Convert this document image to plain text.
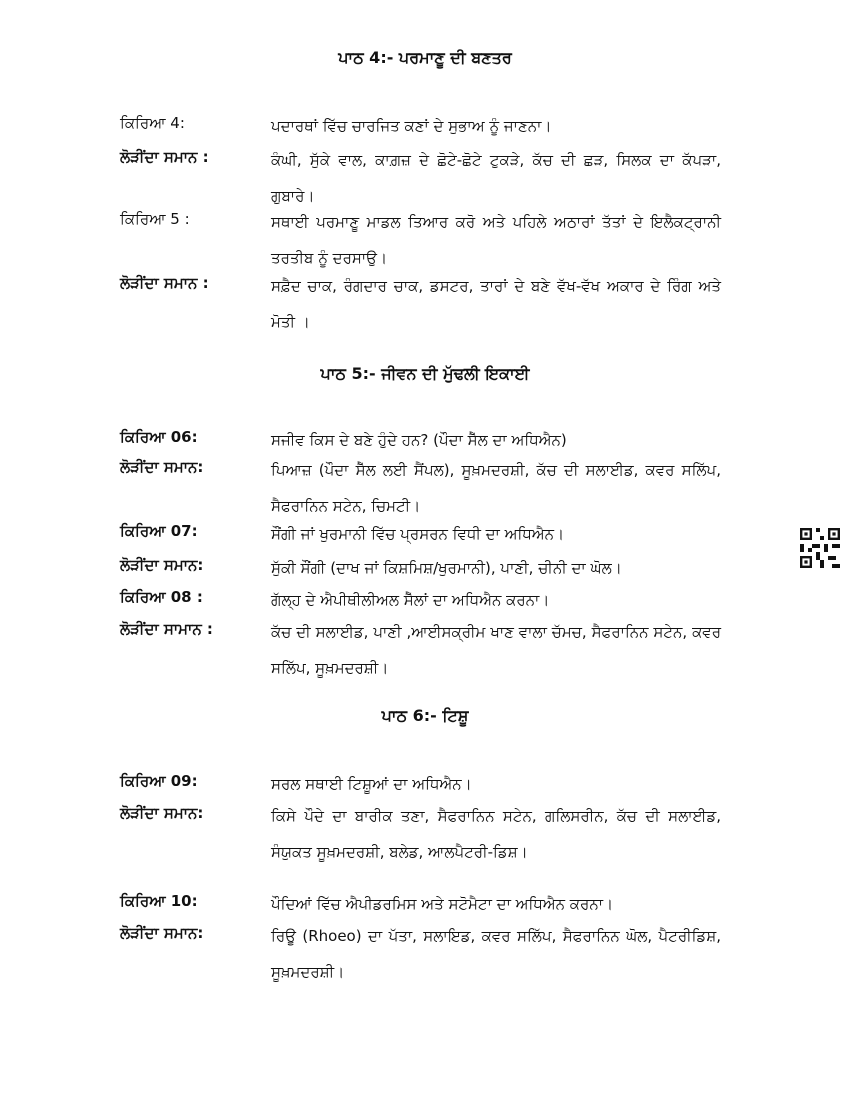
ਪਾਠ 4:- ਪਰਮਾਣੂ ਦੀ ਬਣਤਰ
ਕਿਰਿਆ 4:	ਪਦਾਰਥਾਂ ਵਿੱਚ ਚਾਰਜਿਤ ਕਣਾਂ ਦੇ ਸੁਭਾਅ ਨੂੰ ਜਾਣਨਾ।
ਲੋੜੀਂਦਾ ਸਮਾਨ :	ਕੰਘੀ, ਸੁੱਕੇ ਵਾਲ, ਕਾਗ਼ਜ਼ ਦੇ ਛੋਟੇ-ਛੋਟੇ ਟੁਕੜੇ, ਕੱਚ ਦੀ ਛੜ, ਸਿਲਕ ਦਾ ਕੱਪੜਾ, ਗੁਬਾਰੇ।
ਕਿਰਿਆ 5 :	ਸਥਾਈ ਪਰਮਾਣੂ ਮਾਡਲ ਤਿਆਰ ਕਰੋ ਅਤੇ ਪਹਿਲੇ ਅਠਾਰਾਂ ਤੱਤਾਂ ਦੇ ਇਲੈਕਟ੍ਰਾਨੀ ਤਰਤੀਬ ਨੂੰ ਦਰਸਾਉ।
ਲੋੜੀਂਦਾ ਸਮਾਨ :	ਸਫ਼ੈਦ ਚਾਕ, ਰੰਗਦਾਰ ਚਾਕ, ਡਸਟਰ, ਤਾਰਾਂ ਦੇ ਬਣੇ ਵੱਖ-ਵੱਖ ਅਕਾਰ ਦੇ ਰਿੰਗ ਅਤੇ ਮੋਤੀ ।
ਪਾਠ 5:- ਜੀਵਨ ਦੀ ਮੁੱਢਲੀ ਇਕਾਈ
ਕਿਰਿਆ 06:	ਸਜੀਵ ਕਿਸ ਦੇ ਬਣੇ ਹੁੰਦੇ ਹਨ? (ਪੌਦਾ ਸੈੱਲ ਦਾ ਅਧਿਐਨ)
ਲੋੜੀਂਦਾ ਸਮਾਨ:	ਪਿਆਜ਼ (ਪੌਦਾ ਸੈੱਲ ਲਈ ਸੈਂਪਲ), ਸੂਖ਼ਮਦਰਸ਼ੀ, ਕੱਚ ਦੀ ਸਲਾਈਡ, ਕਵਰ ਸਲਿੱਪ, ਸੈਫਰਾਨਿਨ ਸਟੇਨ, ਚਿਮਟੀ।
ਕਿਰਿਆ 07:	ਸੌਂਗੀ ਜਾਂ ਖੁਰਮਾਨੀ ਵਿੱਚ ਪ੍ਰਸਰਨ ਵਿਧੀ ਦਾ ਅਧਿਐਨ।
ਲੋੜੀਂਦਾ ਸਮਾਨ:	ਸੁੱਕੀ ਸੌਂਗੀ (ਦਾਖ ਜਾਂ ਕਿਸ਼ਮਿਸ਼/ਖੁਰਮਾਨੀ), ਪਾਣੀ, ਚੀਨੀ ਦਾ ਘੋਲ।
ਕਿਰਿਆ 08 :	ਗੱਲ੍ਹ ਦੇ ਐਪੀਥੀਲੀਅਲ ਸੈੱਲਾਂ ਦਾ ਅਧਿਐਨ ਕਰਨਾ।
ਲੋੜੀਂਦਾ ਸਾਮਾਨ :	ਕੱਚ ਦੀ ਸਲਾਈਡ, ਪਾਣੀ ,ਆਈਸਕ੍ਰੀਮ ਖਾਣ ਵਾਲਾ ਚੱਮਚ, ਸੈਫਰਾਨਿਨ ਸਟੇਨ, ਕਵਰ ਸਲਿੱਪ, ਸੂਖ਼ਮਦਰਸ਼ੀ।
ਪਾਠ 6:- ਟਿਸ਼ੂ
ਕਿਰਿਆ 09:	ਸਰਲ ਸਥਾਈ ਟਿਸ਼ੂਆਂ ਦਾ ਅਧਿਐਨ।
ਲੋੜੀਂਦਾ ਸਮਾਨ:	ਕਿਸੇ ਪੌਦੇ ਦਾ ਬਾਰੀਕ ਤਣਾ, ਸੈਫਰਾਨਿਨ ਸਟੇਨ, ਗਲਿਸਰੀਨ, ਕੱਚ ਦੀ ਸਲਾਈਡ, ਸੰਯੁਕਤ ਸੂਖ਼ਮਦਰਸ਼ੀ, ਬਲੇਡ, ਆਲਪੈਟਰੀ-ਡਿਸ਼।
ਕਿਰਿਆ 10:	ਪੌਦਿਆਂ ਵਿੱਚ ਐਪੀਡਰਮਿਸ ਅਤੇ ਸਟੋਮੈਟਾ ਦਾ ਅਧਿਐਨ ਕਰਨਾ।
ਲੋੜੀਂਦਾ ਸਮਾਨ:	ਰਿਊ (Rhoeo) ਦਾ ਪੱਤਾ, ਸਲਾਇਡ, ਕਵਰ ਸਲਿੱਪ, ਸੈਫਰਾਨਿਨ ਘੋਲ, ਪੈਟਰੀਡਿਸ਼, ਸੂਖ਼ਮਦਰਸ਼ੀ।
